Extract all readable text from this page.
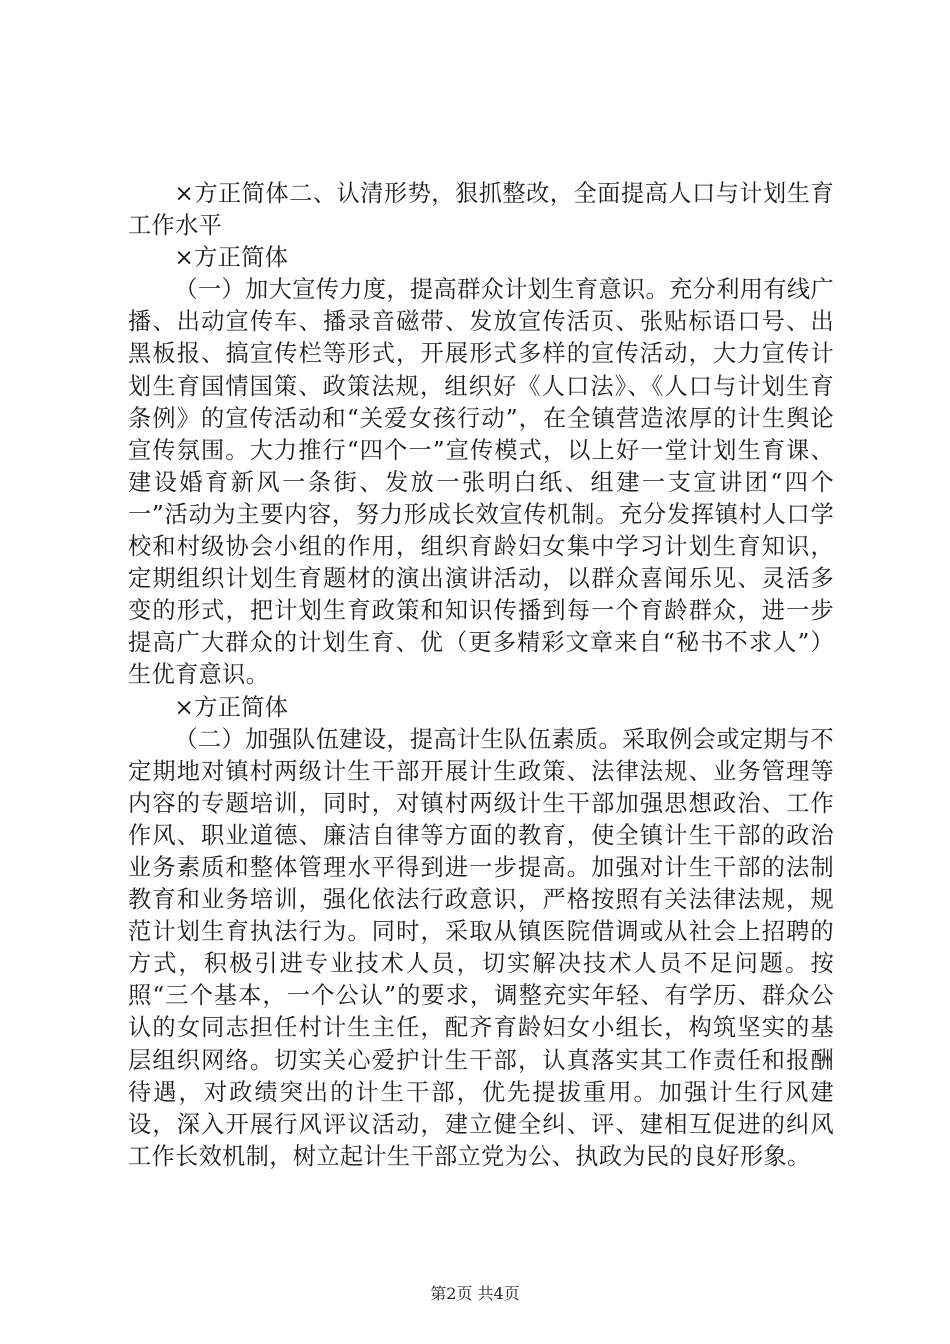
×方正简体二、认清形势，狠抓整改，全面提高人口与计划生育工作水平

×方正简体

（一）加大宣传力度，提高群众计划生育意识。充分利用有线广播、出动宣传车、播录音磁带、发放宣传活页、张贴标语口号、出黑板报、搞宣传栏等形式，开展形式多样的宣传活动，大力宣传计划生育国情国策、政策法规，组织好《人口法》、《人口与计划生育条例》的宣传活动和“关爱女孩行动”，在全镇营造浓厚的计生舆论宣传氛围。大力推行“四个一”宣传模式，以上好一堂计划生育课、建设婚育新风一条街、发放一张明白纸、组建一支宣讲团“四个一”活动为主要内容，努力形成长效宣传机制。充分发挥镇村人口学校和村级协会小组的作用，组织育龄妇女集中学习计划生育知识，定期组织计划生育题材的演出演讲活动，以群众喜闻乐见、灵活多变的形式，把计划生育政策和知识传播到每一个育龄群众，进一步提高广大群众的计划生育、优（更多精彩文章来自“秘书不求人”）生优育意识。

×方正简体

（二）加强队伍建设，提高计生队伍素质。采取例会或定期与不定期地对镇村两级计生干部开展计生政策、法律法规、业务管理等内容的专题培训，同时，对镇村两级计生干部加强思想政治、工作作风、职业道德、廉洁自律等方面的教育，使全镇计生干部的政治业务素质和整体管理水平得到进一步提高。加强对计生干部的法制教育和业务培训，强化依法行政意识，严格按照有关法律法规，规范计划生育执法行为。同时，采取从镇医院借调或从社会上招聘的方式，积极引进专业技术人员，切实解决技术人员不足问题。按照“三个基本，一个公认”的要求，调整充实年轻、有学历、群众公认的女同志担任村计生主任，配齐育龄妇女小组长，构筑坚实的基层组织网络。切实关心爱护计生干部，认真落实其工作责任和报酬待遇，对政绩突出的计生干部，优先提拔重用。加强计生行风建设，深入开展行风评议活动，建立健全纠、评、建相互促进的纠风工作长效机制，树立起计生干部立党为公、执政为民的良好形象。

第2页 共4页
